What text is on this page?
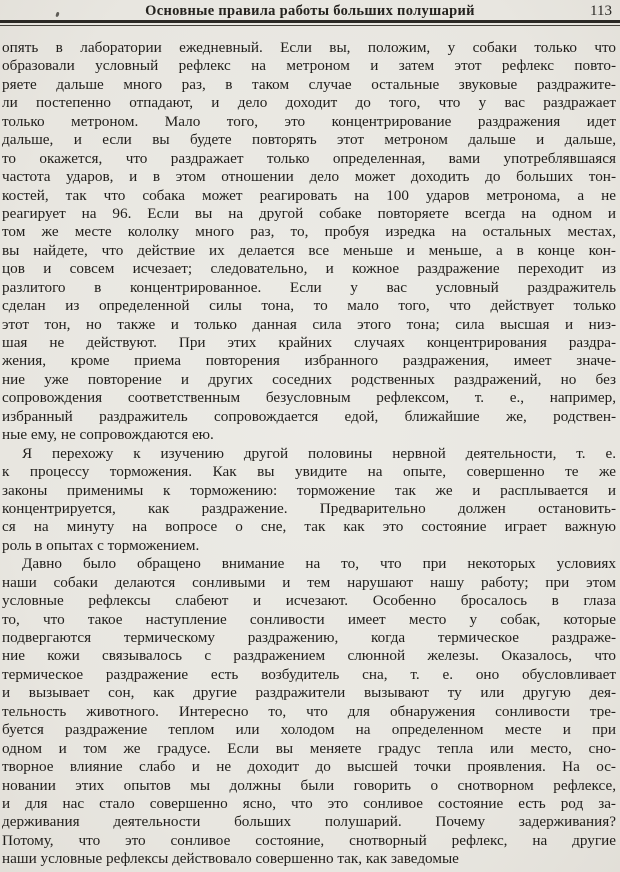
Основные правила работы больших полушарий	113
опять в лаборатории ежедневный. Если вы, положим, у собаки только что
образовали условный рефлекс на метроном и затем этот рефлекс повто-
ряете дальше много раз, в таком случае остальные звуковые раздражите-
ли постепенно отпадают, и дело доходит до того, что у вас раздражает
только метроном. Мало того, это концентрирование раздражения идет
дальше, и если вы будете повторять этот метроном дальше и дальше,
то окажется, что раздражает только определенная, вами употреблявшаяся
частота ударов, и в этом отношении дело может доходить до больших тон-
костей, так что собака может реагировать на 100 ударов метронома, а не
реагирует на 96. Если вы на другой собаке повторяете всегда на одном и
том же месте кололку много раз, то, пробуя изредка на остальных местах,
вы найдете, что действие их делается все меньше и меньше, а в конце кон-
цов и совсем исчезает; следовательно, и кожное раздражение переходит из
разлитого в концентрированное. Если у вас условный раздражитель
сделан из определенной силы тона, то мало того, что действует только
этот тон, но также и только данная сила этого тона; сила высшая и низ-
шая не действуют. При этих крайних случаях концентрирования раздра-
жения, кроме приема повторения избранного раздражения, имеет значе-
ние уже повторение и других соседних родственных раздражений, но без
сопровождения соответственным безусловным рефлексом, т. е., например,
избранный раздражитель сопровождается едой, ближайшие же, родствен-
ные ему, не сопровождаются ею.
Я перехожу к изучению другой половины нервной деятельности, т. е.
к процессу торможения. Как вы увидите на опыте, совершенно те же
законы применимы к торможению: торможение так же и расплывается и
концентрируется, как раздражение. Предварительно должен остановить-
ся на минуту на вопросе о сне, так как это состояние играет важную
роль в опытах с торможением.
Давно было обращено внимание на то, что при некоторых условиях
наши собаки делаются сонливыми и тем нарушают нашу работу; при этом
условные рефлексы слабеют и исчезают. Особенно бросалось в глаза
то, что такое наступление сонливости имеет место у собак, которые
подвергаются термическому раздражению, когда термическое раздраже-
ние кожи связывалось с раздражением слюнной железы. Оказалось, что
термическое раздражение есть возбудитель сна, т. е. оно обусловливает
и вызывает сон, как другие раздражители вызывают ту или другую дея-
тельность животного. Интересно то, что для обнаружения сонливости тре-
буется раздражение теплом или холодом на определенном месте и при
одном и том же градусе. Если вы меняете градус тепла или место, сно-
творное влияние слабо и не доходит до высшей точки проявления. На ос-
новании этих опытов мы должны были говорить о снотворном рефлексе,
и для нас стало совершенно ясно, что это сонливое состояние есть род за-
держивания деятельности больших полушарий. Почему задерживания?
Потому, что это сонливое состояние, снотворный рефлекс, на другие
наши условные рефлексы действовало совершенно так, как заведомые
